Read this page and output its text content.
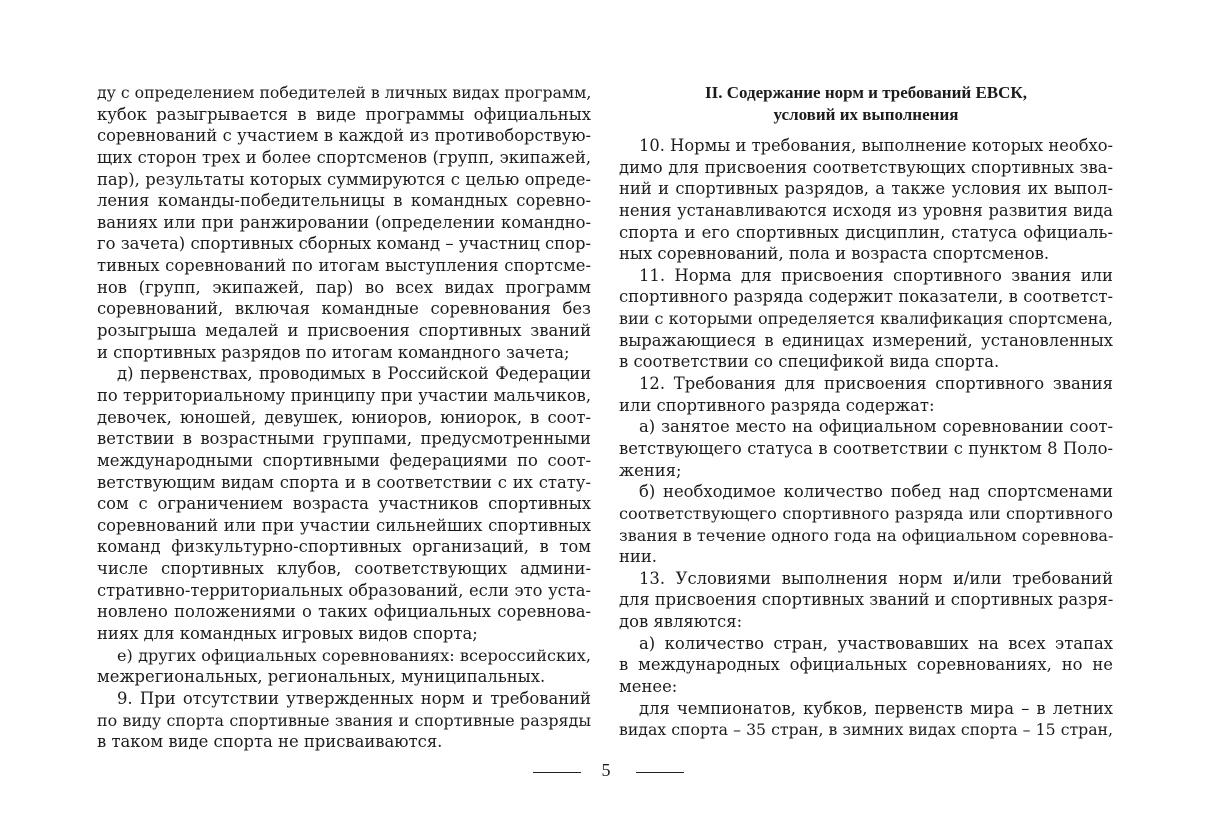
ду с определением победителей в личных видах программ,

кубок разыгрывается в виде программы официальных

соревнований с участием в каждой из противоборствую-

щих сторон трех и более спортсменов (групп, экипажей,

пар), результаты которых суммируются с целью опреде-

ления команды-победительницы в командных соревно-

ваниях или при ранжировании (определении командно-

го зачета) спортивных сборных команд – участниц спор-

тивных соревнований по итогам выступления спортсме-

нов (групп, экипажей, пар) во всех видах программ

соревнований, включая командные соревнования без

розыгрыша медалей и присвоения спортивных званий

и спортивных разрядов по итогам командного зачета;

д) первенствах, проводимых в Российской Федерации

по территориальному принципу при участии мальчиков,

девочек, юношей, девушек, юниоров, юниорок, в соот-

ветствии в возрастными группами, предусмотренными

международными спортивными федерациями по соот-

ветствующим видам спорта и в соответствии с их стату-

сом с ограничением возраста участников спортивных

соревнований или при участии сильнейших спортивных

команд физкультурно-спортивных организаций, в том

числе спортивных клубов, соответствующих админи-

стративно-территориальных образований, если это уста-

новлено положениями о таких официальных соревнова-

ниях для командных игровых видов спорта;

е) других официальных соревнованиях: всероссийских,

межрегиональных, региональных, муниципальных.

9. При отсутствии утвержденных норм и требований

по виду спорта спортивные звания и спортивные разряды

в таком виде спорта не присваиваются.

II. Содержание норм и требований ЕВСК,

условий их выполнения

10. Нормы и требования, выполнение которых необхо-

димо для присвоения соответствующих спортивных зва-

ний и спортивных разрядов, а также условия их выпол-

нения устанавливаются исходя из уровня развития вида

спорта и его спортивных дисциплин, статуса официаль-

ных соревнований, пола и возраста спортсменов.

11. Норма для присвоения спортивного звания или

спортивного разряда содержит показатели, в соответст-

вии с которыми определяется квалификация спортсмена,

выражающиеся в единицах измерений, установленных

в соответствии со спецификой вида спорта.

12. Требования для присвоения спортивного звания

или спортивного разряда содержат:

а) занятое место на официальном соревновании соот-

ветствующего статуса в соответствии с пунктом 8 Поло-

жения;

б) необходимое количество побед над спортсменами

соответствующего спортивного разряда или спортивного

звания в течение одного года на официальном соревнова-

нии.

13. Условиями выполнения норм и/или требований

для присвоения спортивных званий и спортивных разря-

дов являются:

а) количество стран, участвовавших на всех этапах

в международных официальных соревнованиях, но не

менее:

для чемпионатов, кубков, первенств мира – в летних

видах спорта – 35 стран, в зимних видах спорта – 15 стран,

5
